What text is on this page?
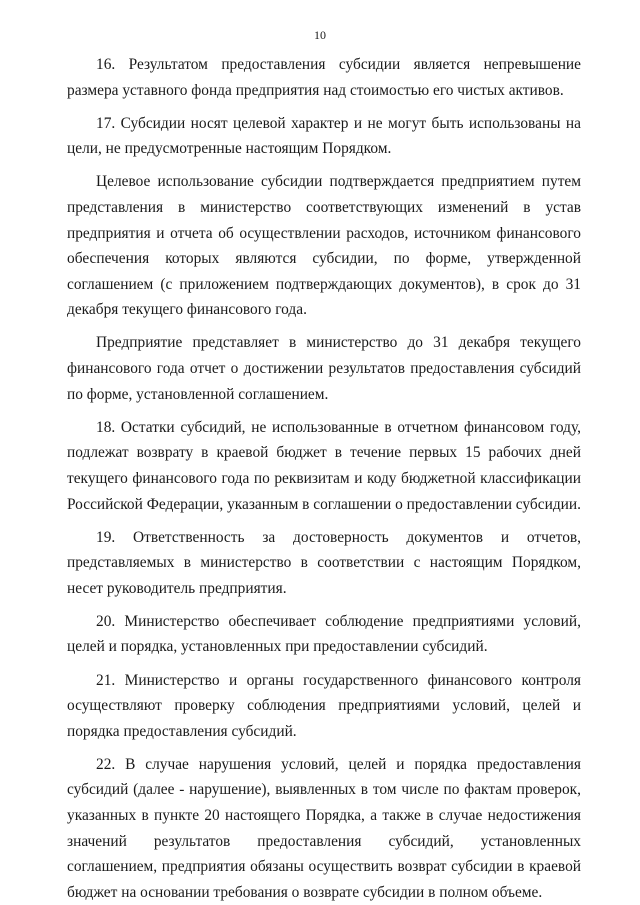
10

16. Результатом предоставления субсидии является непревышение размера уставного фонда предприятия над стоимостью его чистых активов.

17. Субсидии носят целевой характер и не могут быть использованы на цели, не предусмотренные настоящим Порядком.

Целевое использование субсидии подтверждается предприятием путем представления в министерство соответствующих изменений в устав предприятия и отчета об осуществлении расходов, источником финансового обеспечения которых являются субсидии, по форме, утвержденной соглашением (с приложением подтверждающих документов), в срок до 31 декабря текущего финансового года.

Предприятие представляет в министерство до 31 декабря текущего финансового года отчет о достижении результатов предоставления субсидий по форме, установленной соглашением.

18. Остатки субсидий, не использованные в отчетном финансовом году, подлежат возврату в краевой бюджет в течение первых 15 рабочих дней текущего финансового года по реквизитам и коду бюджетной классификации Российской Федерации, указанным в соглашении о предоставлении субсидии.

19. Ответственность за достоверность документов и отчетов, представляемых в министерство в соответствии с настоящим Порядком, несет руководитель предприятия.

20. Министерство обеспечивает соблюдение предприятиями условий, целей и порядка, установленных при предоставлении субсидий.

21. Министерство и органы государственного финансового контроля осуществляют проверку соблюдения предприятиями условий, целей и порядка предоставления субсидий.

22. В случае нарушения условий, целей и порядка предоставления субсидий (далее - нарушение), выявленных в том числе по фактам проверок, указанных в пункте 20 настоящего Порядка, а также в случае недостижения значений результатов предоставления субсидий, установленных соглашением, предприятия обязаны осуществить возврат субсидии в краевой бюджет на основании требования о возврате субсидии в полном объеме.
